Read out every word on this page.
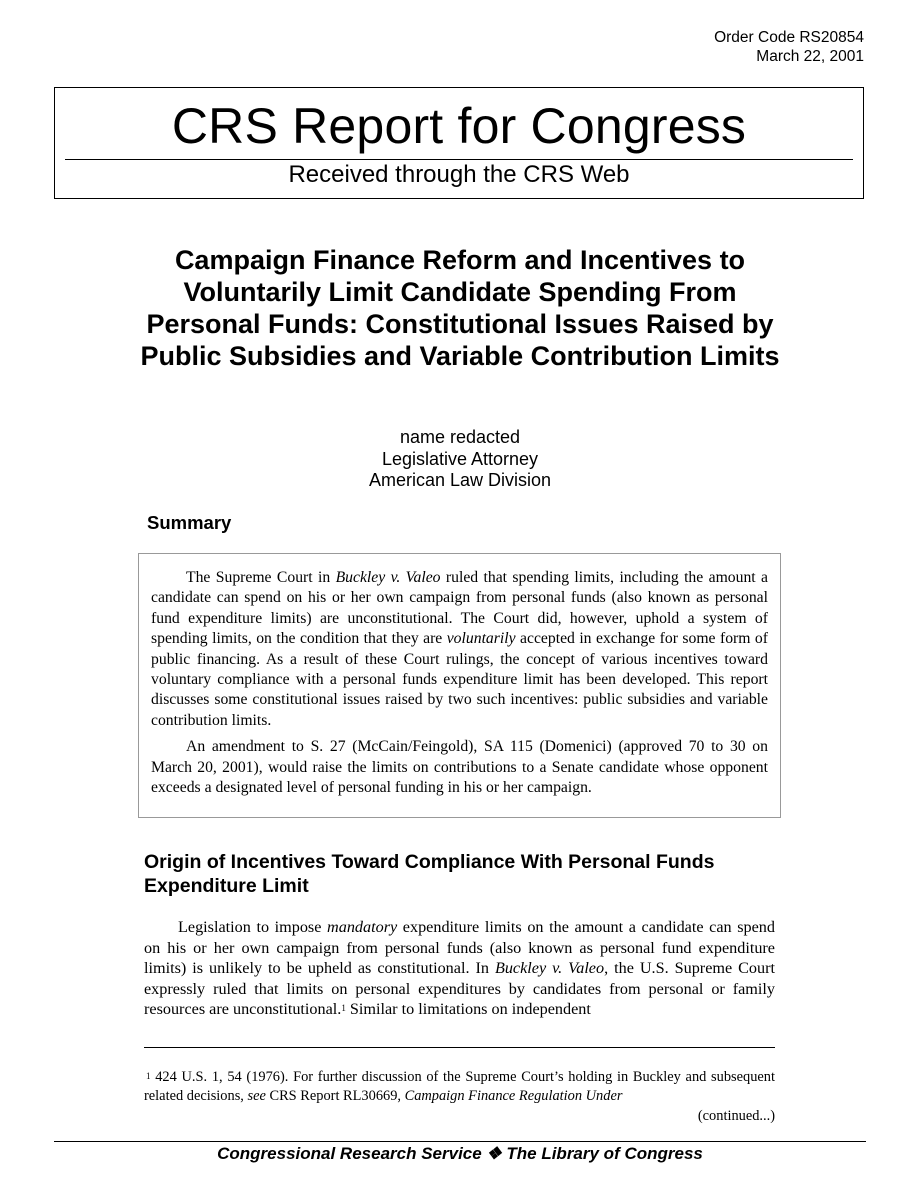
Order Code RS20854
March 22, 2001
CRS Report for Congress
Received through the CRS Web
Campaign Finance Reform and Incentives to Voluntarily Limit Candidate Spending From Personal Funds: Constitutional Issues Raised by Public Subsidies and Variable Contribution Limits
name redacted
Legislative Attorney
American Law Division
Summary

The Supreme Court in Buckley v. Valeo ruled that spending limits, including the amount a candidate can spend on his or her own campaign from personal funds (also known as personal fund expenditure limits) are unconstitutional. The Court did, however, uphold a system of spending limits, on the condition that they are voluntarily accepted in exchange for some form of public financing. As a result of these Court rulings, the concept of various incentives toward voluntary compliance with a personal funds expenditure limit has been developed. This report discusses some constitutional issues raised by two such incentives: public subsidies and variable contribution limits.

An amendment to S. 27 (McCain/Feingold), SA 115 (Domenici) (approved 70 to 30 on March 20, 2001), would raise the limits on contributions to a Senate candidate whose opponent exceeds a designated level of personal funding in his or her campaign.

Origin of Incentives Toward Compliance With Personal Funds Expenditure Limit

Legislation to impose mandatory expenditure limits on the amount a candidate can spend on his or her own campaign from personal funds (also known as personal fund expenditure limits) is unlikely to be upheld as constitutional. In Buckley v. Valeo, the U.S. Supreme Court expressly ruled that limits on personal expenditures by candidates from personal or family resources are unconstitutional.$^1$ Similar to limitations on independent

$^1$ 424 U.S. 1, 54 (1976). For further discussion of the Supreme Court’s holding in Buckley and subsequent related decisions, see CRS Report RL30669, Campaign Finance Regulation Under
(continued...)

Congressional Research Service ❖ The Library of Congress
